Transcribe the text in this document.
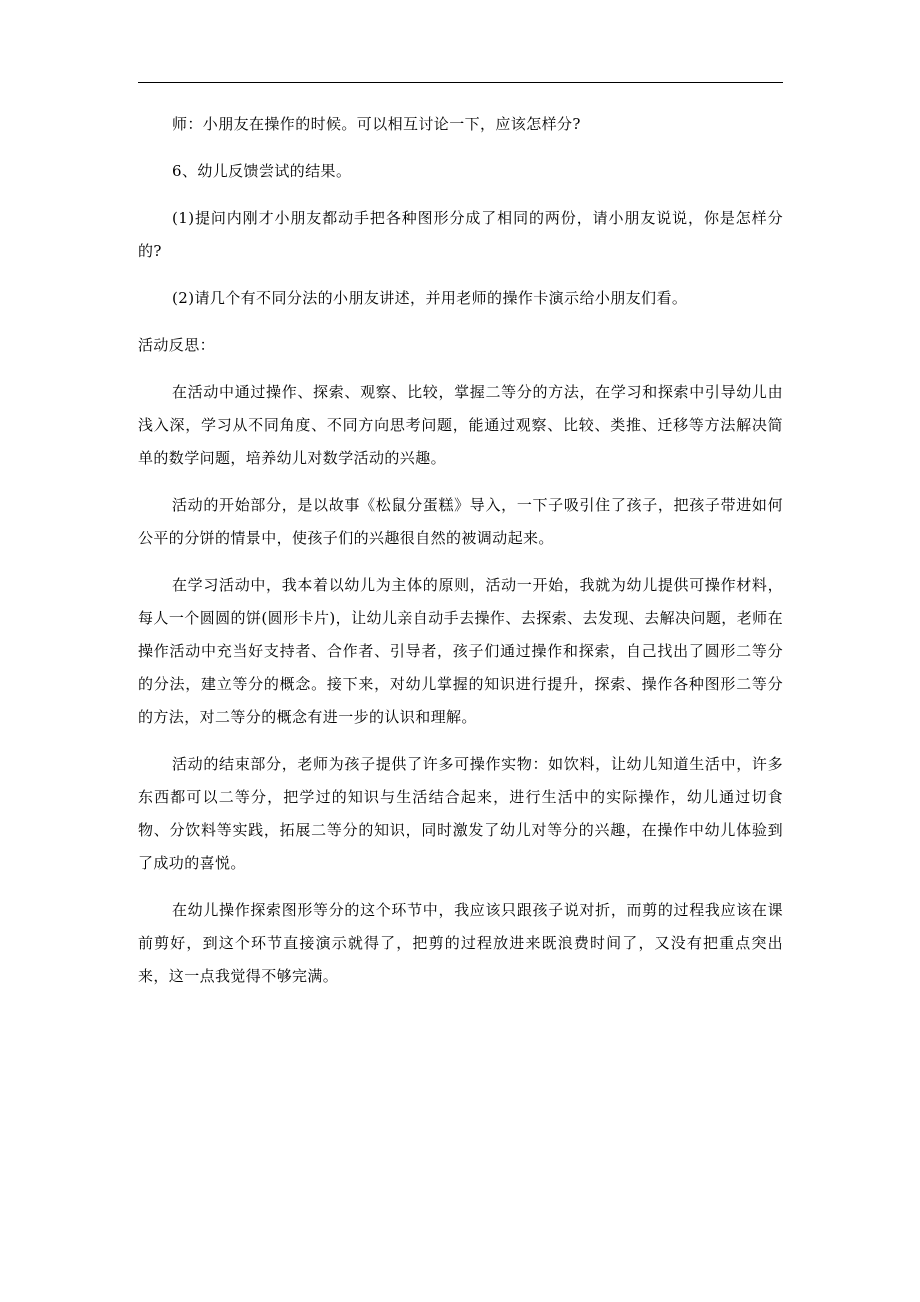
师：小朋友在操作的时候。可以相互讨论一下，应该怎样分?

6、幼儿反馈尝试的结果。

(1)提问内刚才小朋友都动手把各种图形分成了相同的两份，请小朋友说说，你是怎样分的?

(2)请几个有不同分法的小朋友讲述，并用老师的操作卡演示给小朋友们看。

活动反思：

在活动中通过操作、探索、观察、比较，掌握二等分的方法，在学习和探索中引导幼儿由浅入深，学习从不同角度、不同方向思考问题，能通过观察、比较、类推、迁移等方法解决简单的数学问题，培养幼儿对数学活动的兴趣。

活动的开始部分，是以故事《松鼠分蛋糕》导入，一下子吸引住了孩子，把孩子带进如何公平的分饼的情景中，使孩子们的兴趣很自然的被调动起来。

在学习活动中，我本着以幼儿为主体的原则，活动一开始，我就为幼儿提供可操作材料，每人一个圆圆的饼(圆形卡片)，让幼儿亲自动手去操作、去探索、去发现、去解决问题，老师在操作活动中充当好支持者、合作者、引导者，孩子们通过操作和探索，自己找出了圆形二等分的分法，建立等分的概念。接下来，对幼儿掌握的知识进行提升，探索、操作各种图形二等分的方法，对二等分的概念有进一步的认识和理解。

活动的结束部分，老师为孩子提供了许多可操作实物：如饮料，让幼儿知道生活中，许多东西都可以二等分，把学过的知识与生活结合起来，进行生活中的实际操作，幼儿通过切食物、分饮料等实践，拓展二等分的知识，同时激发了幼儿对等分的兴趣，在操作中幼儿体验到了成功的喜悦。

在幼儿操作探索图形等分的这个环节中，我应该只跟孩子说对折，而剪的过程我应该在课前剪好，到这个环节直接演示就得了，把剪的过程放进来既浪费时间了，又没有把重点突出来，这一点我觉得不够完满。
